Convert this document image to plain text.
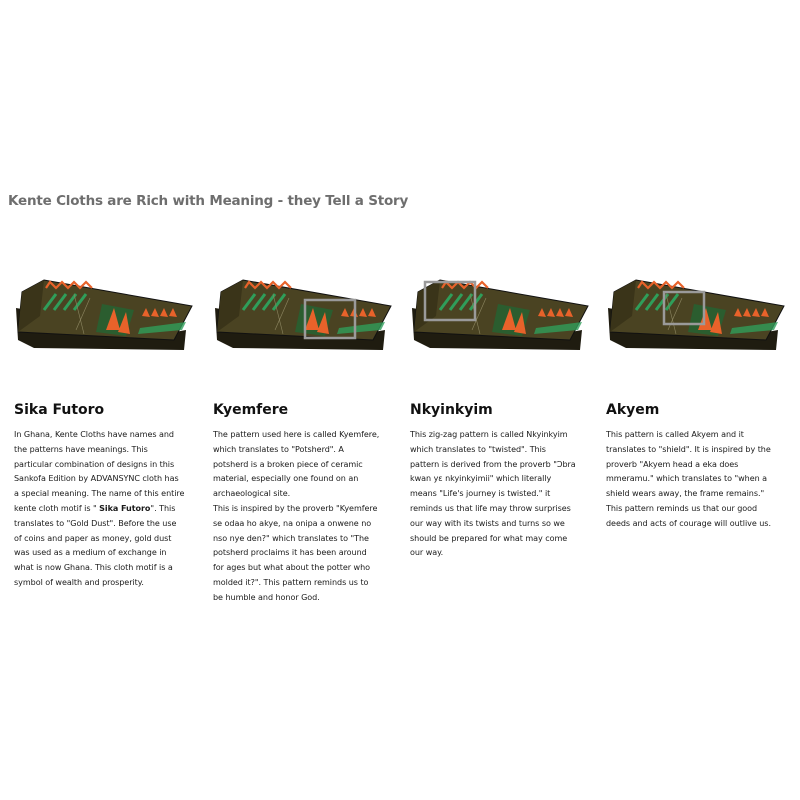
Kente Cloths are Rich with Meaning - they Tell a Story
Sika Futoro

In Ghana, Kente Cloths have names and
the patterns have meanings. This
particular combination of designs in this
Sankofa Edition by ADVANSYNC cloth has
a special meaning. The name of this entire
kente cloth motif is " Sika Futoro". This
translates to "Gold Dust". Before the use
of coins and paper as money, gold dust
was used as a medium of exchange in
what is now Ghana. This cloth motif is a
symbol of wealth and prosperity.

Kyemfere

The pattern used here is called Kyemfere,
which translates to "Potsherd". A
potsherd is a broken piece of ceramic
material, especially one found on an
archaeological site.
This is inspired by the proverb "Kyemfere
se odaa ho akye, na onipa a onwene no
nso nye den?" which translates to "The
potsherd proclaims it has been around
for ages but what about the potter who
molded it?". This pattern reminds us to
be humble and honor God.

Nkyinkyim

This zig-zag pattern is called Nkyinkyim
which translates to "twisted". This
pattern is derived from the proverb "Ɔbra
kwan yɛ nkyinkyimii" which literally
means "Life's journey is twisted." it
reminds us that life may throw surprises
our way with its twists and turns so we
should be prepared for what may come
our way.

Akyem

This pattern is called Akyem and it
translates to "shield". It is inspired by the
proverb "Akyem head a eka does
mmeramu." which translates to "when a
shield wears away, the frame remains."
This pattern reminds us that our good
deeds and acts of courage will outlive us.
